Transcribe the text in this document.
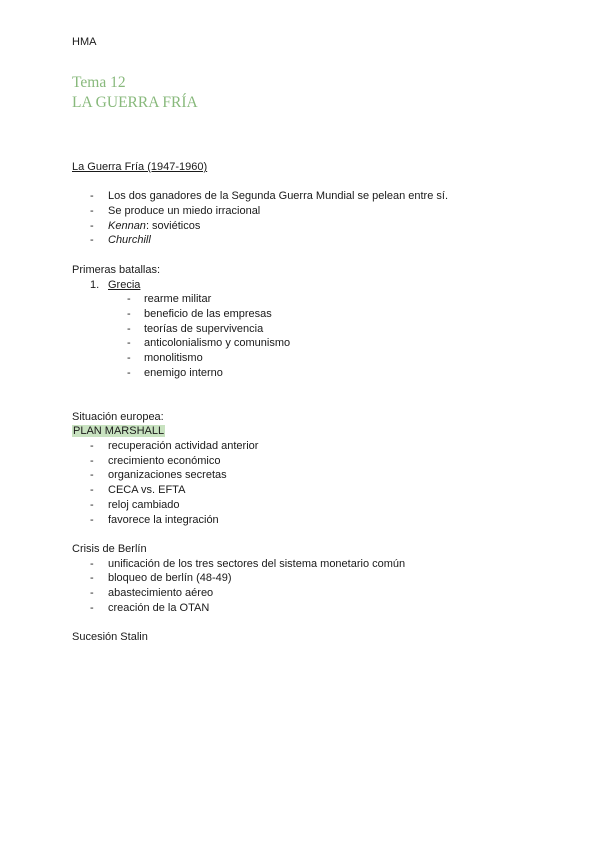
HMA
Tema 12
LA GUERRA FRÍA
La Guerra Fría (1947-1960)
- Los dos ganadores de la Segunda Guerra Mundial se pelean entre sí.
- Se produce un miedo irracional
- Kennan: soviéticos
- Churchill
Primeras batallas:
1. Grecia
- rearme militar
- beneficio de las empresas
- teorías de supervivencia
- anticolonialismo y comunismo
- monolitismo
- enemigo interno
Situación europea:
PLAN MARSHALL
- recuperación actividad anterior
- crecimiento económico
- organizaciones secretas
- CECA vs. EFTA
- reloj cambiado
- favorece la integración
Crisis de Berlín
- unificación de los tres sectores del sistema monetario común
- bloqueo de berlín (48-49)
- abastecimiento aéreo
- creación de la OTAN
Sucesión Stalin
